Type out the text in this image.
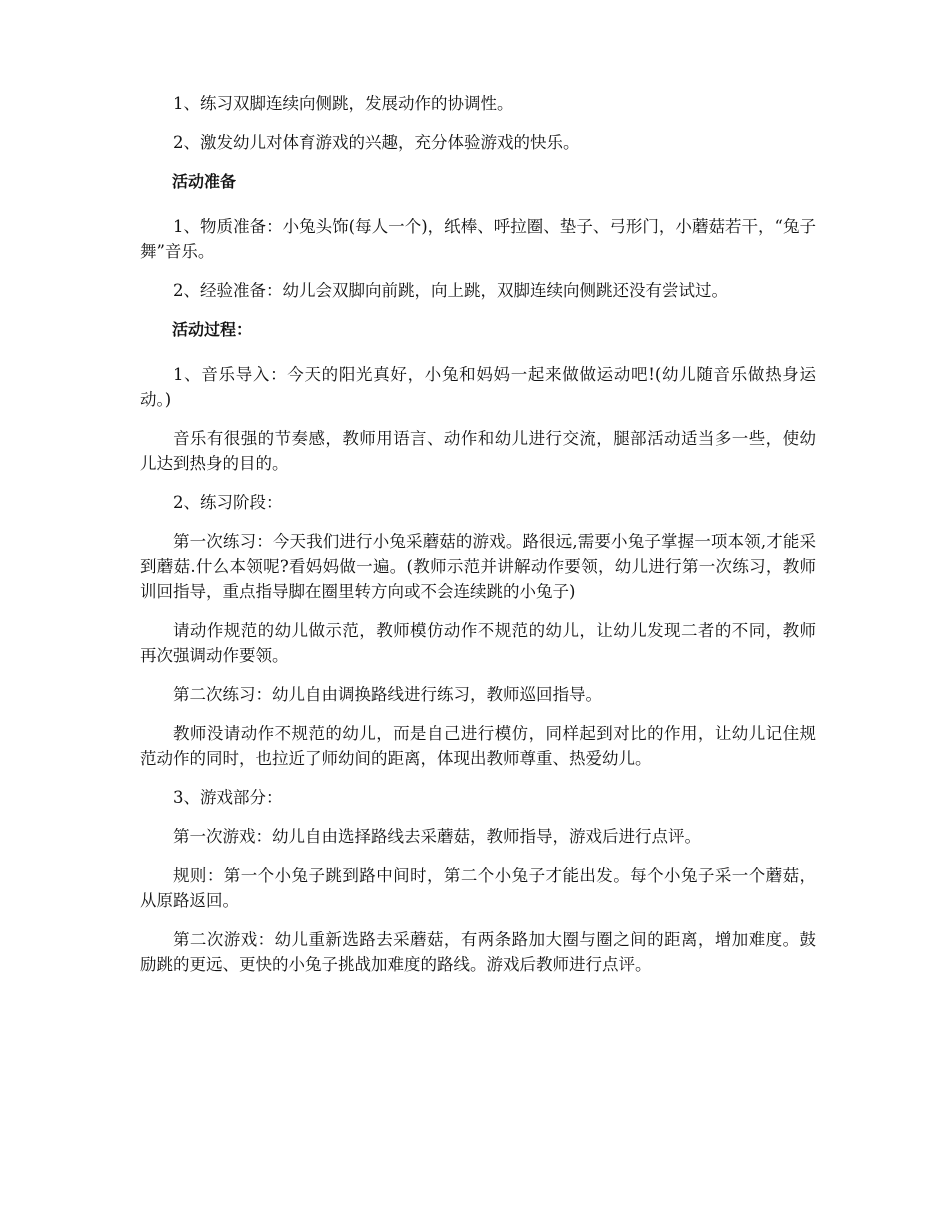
1、练习双脚连续向侧跳，发展动作的协调性。

2、激发幼儿对体育游戏的兴趣，充分体验游戏的快乐。

活动准备

1、物质准备：小兔头饰(每人一个)，纸棒、呼拉圈、垫子、弓形门，小蘑菇若干，“兔子舞”音乐。

2、经验准备：幼儿会双脚向前跳，向上跳，双脚连续向侧跳还没有尝试过。

活动过程：

1、音乐导入：今天的阳光真好，小兔和妈妈一起来做做运动吧!(幼儿随音乐做热身运动。)

音乐有很强的节奏感，教师用语言、动作和幼儿进行交流，腿部活动适当多一些，使幼儿达到热身的目的。

2、练习阶段：

第一次练习：今天我们进行小兔采蘑菇的游戏。路很远,需要小兔子掌握一项本领,才能采到蘑菇.什么本领呢?看妈妈做一遍。(教师示范并讲解动作要领，幼儿进行第一次练习，教师训回指导，重点指导脚在圈里转方向或不会连续跳的小兔子)

请动作规范的幼儿做示范，教师模仿动作不规范的幼儿，让幼儿发现二者的不同，教师再次强调动作要领。

第二次练习：幼儿自由调换路线进行练习，教师巡回指导。

教师没请动作不规范的幼儿，而是自己进行模仿，同样起到对比的作用，让幼儿记住规范动作的同时，也拉近了师幼间的距离，体现出教师尊重、热爱幼儿。

3、游戏部分：

第一次游戏：幼儿自由选择路线去采蘑菇，教师指导，游戏后进行点评。

规则：第一个小兔子跳到路中间时，第二个小兔子才能出发。每个小兔子采一个蘑菇，从原路返回。

第二次游戏：幼儿重新选路去采蘑菇，有两条路加大圈与圈之间的距离，增加难度。鼓励跳的更远、更快的小兔子挑战加难度的路线。游戏后教师进行点评。
